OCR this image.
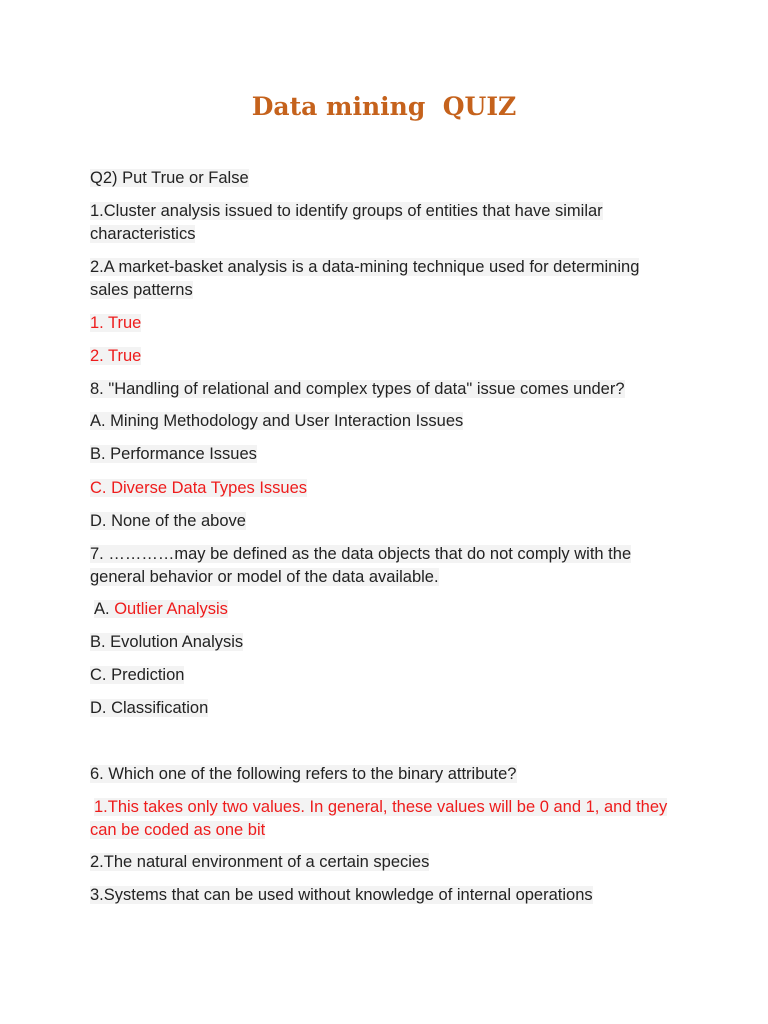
Data mining  QUIZ
Q2) Put True or False
1.Cluster analysis issued to identify groups of entities that have similar
characteristics
2.A market-basket analysis is a data-mining technique used for determining
sales patterns
1. True
2. True
8. "Handling of relational and complex types of data" issue comes under?
A. Mining Methodology and User Interaction Issues
B. Performance Issues
C. Diverse Data Types Issues
D. None of the above
7. …………may be defined as the data objects that do not comply with the
general behavior or model of the data available.
A. Outlier Analysis
B. Evolution Analysis
C. Prediction
D. Classification
6. Which one of the following refers to the binary attribute?
1.This takes only two values. In general, these values will be 0 and 1, and they
can be coded as one bit
2.The natural environment of a certain species
3.Systems that can be used without knowledge of internal operations
